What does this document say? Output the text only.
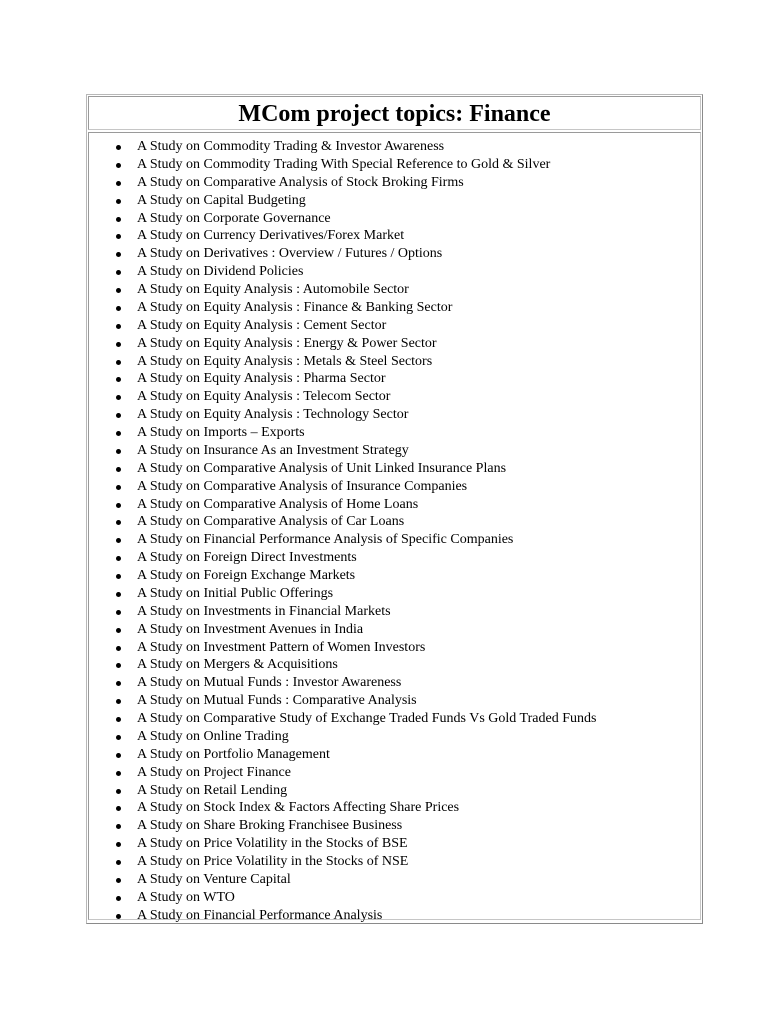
MCom project topics: Finance
A Study on Commodity Trading & Investor Awareness
A Study on Commodity Trading With Special Reference to Gold & Silver
A Study on Comparative Analysis of Stock Broking Firms
A Study on Capital Budgeting
A Study on Corporate Governance
A Study on Currency Derivatives/Forex Market
A Study on Derivatives : Overview / Futures / Options
A Study on Dividend Policies
A Study on Equity Analysis : Automobile Sector
A Study on Equity Analysis : Finance & Banking Sector
A Study on Equity Analysis : Cement Sector
A Study on Equity Analysis : Energy & Power Sector
A Study on Equity Analysis : Metals & Steel Sectors
A Study on Equity Analysis : Pharma Sector
A Study on Equity Analysis : Telecom Sector
A Study on Equity Analysis : Technology Sector
A Study on Imports – Exports
A Study on Insurance As an Investment Strategy
A Study on Comparative Analysis of Unit Linked Insurance Plans
A Study on Comparative Analysis of Insurance Companies
A Study on Comparative Analysis of Home Loans
A Study on Comparative Analysis of Car Loans
A Study on Financial Performance Analysis of Specific Companies
A Study on Foreign Direct Investments
A Study on Foreign Exchange Markets
A Study on Initial Public Offerings
A Study on Investments in Financial Markets
A Study on Investment Avenues in India
A Study on Investment Pattern of Women Investors
A Study on Mergers & Acquisitions
A Study on Mutual Funds : Investor Awareness
A Study on Mutual Funds : Comparative Analysis
A Study on Comparative Study of Exchange Traded Funds Vs Gold Traded Funds
A Study on Online Trading
A Study on Portfolio Management
A Study on Project Finance
A Study on Retail Lending
A Study on Stock Index & Factors Affecting Share Prices
A Study on Share Broking Franchisee Business
A Study on Price Volatility in the Stocks of BSE
A Study on Price Volatility in the Stocks of NSE
A Study on Venture Capital
A Study on WTO
A Study on Financial Performance Analysis
